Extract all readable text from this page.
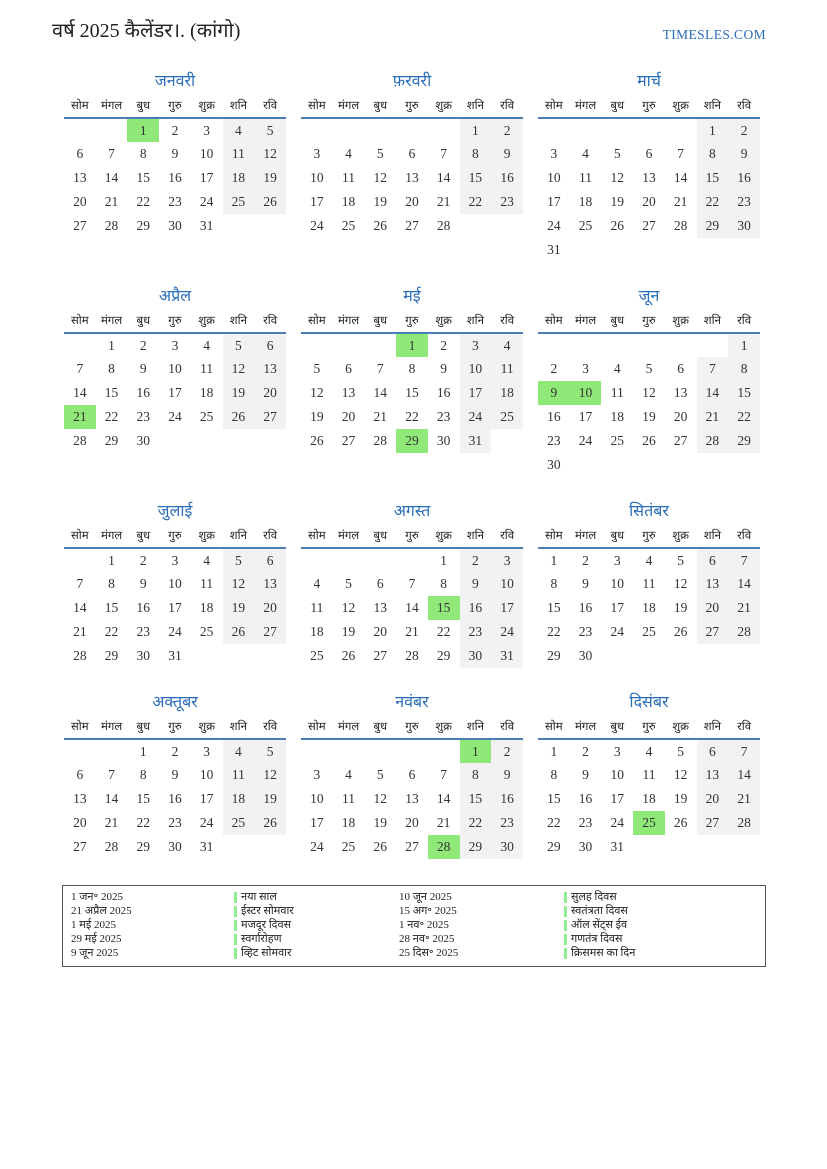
वर्ष 2025 कैलेंडर।. (कांगो)	TIMESLES.COM
जनवरी
सोम	मंगल	बुध	गुरु	शुक्र	शनि	रवि
		1	2	3	4	5
6	7	8	9	10	11	12
13	14	15	16	17	18	19
20	21	22	23	24	25	26
27	28	29	30	31		
फ़रवरी
सोम	मंगल	बुध	गुरु	शुक्र	शनि	रवि
					1	2
3	4	5	6	7	8	9
10	11	12	13	14	15	16
17	18	19	20	21	22	23
24	25	26	27	28		
मार्च
सोम	मंगल	बुध	गुरु	शुक्र	शनि	रवि
					1	2
3	4	5	6	7	8	9
10	11	12	13	14	15	16
17	18	19	20	21	22	23
24	25	26	27	28	29	30
31						
अप्रैल
सोम	मंगल	बुध	गुरु	शुक्र	शनि	रवि
	1	2	3	4	5	6
7	8	9	10	11	12	13
14	15	16	17	18	19	20
21	22	23	24	25	26	27
28	29	30				
मई
सोम	मंगल	बुध	गुरु	शुक्र	शनि	रवि
			1	2	3	4
5	6	7	8	9	10	11
12	13	14	15	16	17	18
19	20	21	22	23	24	25
26	27	28	29	30	31	
जून
सोम	मंगल	बुध	गुरु	शुक्र	शनि	रवि
						1
2	3	4	5	6	7	8
9	10	11	12	13	14	15
16	17	18	19	20	21	22
23	24	25	26	27	28	29
30						
जुलाई
सोम	मंगल	बुध	गुरु	शुक्र	शनि	रवि
	1	2	3	4	5	6
7	8	9	10	11	12	13
14	15	16	17	18	19	20
21	22	23	24	25	26	27
28	29	30	31			
अगस्त
सोम	मंगल	बुध	गुरु	शुक्र	शनि	रवि
				1	2	3
4	5	6	7	8	9	10
11	12	13	14	15	16	17
18	19	20	21	22	23	24
25	26	27	28	29	30	31
सितंबर
सोम	मंगल	बुध	गुरु	शुक्र	शनि	रवि
1	2	3	4	5	6	7
8	9	10	11	12	13	14
15	16	17	18	19	20	21
22	23	24	25	26	27	28
29	30					
अक्तूबर
सोम	मंगल	बुध	गुरु	शुक्र	शनि	रवि
		1	2	3	4	5
6	7	8	9	10	11	12
13	14	15	16	17	18	19
20	21	22	23	24	25	26
27	28	29	30	31		
नवंबर
सोम	मंगल	बुध	गुरु	शुक्र	शनि	रवि
					1	2
3	4	5	6	7	8	9
10	11	12	13	14	15	16
17	18	19	20	21	22	23
24	25	26	27	28	29	30
दिसंबर
सोम	मंगल	बुध	गुरु	शुक्र	शनि	रवि
1	2	3	4	5	6	7
8	9	10	11	12	13	14
15	16	17	18	19	20	21
22	23	24	25	26	27	28
29	30	31				
1 जन॰ 2025	नया साल	10 जून 2025	सुलह दिवस
21 अप्रैल 2025	ईस्टर सोमवार	15 अग॰ 2025	स्वतंत्रता दिवस
1 मई 2025	मजदूर दिवस	1 नव॰ 2025	ऑल सेंट्स ईव
29 मई 2025	स्वर्गारोहण	28 नव॰ 2025	गणतंत्र दिवस
9 जून 2025	व्हिट सोमवार	25 दिस॰ 2025	क्रिसमस का दिन
